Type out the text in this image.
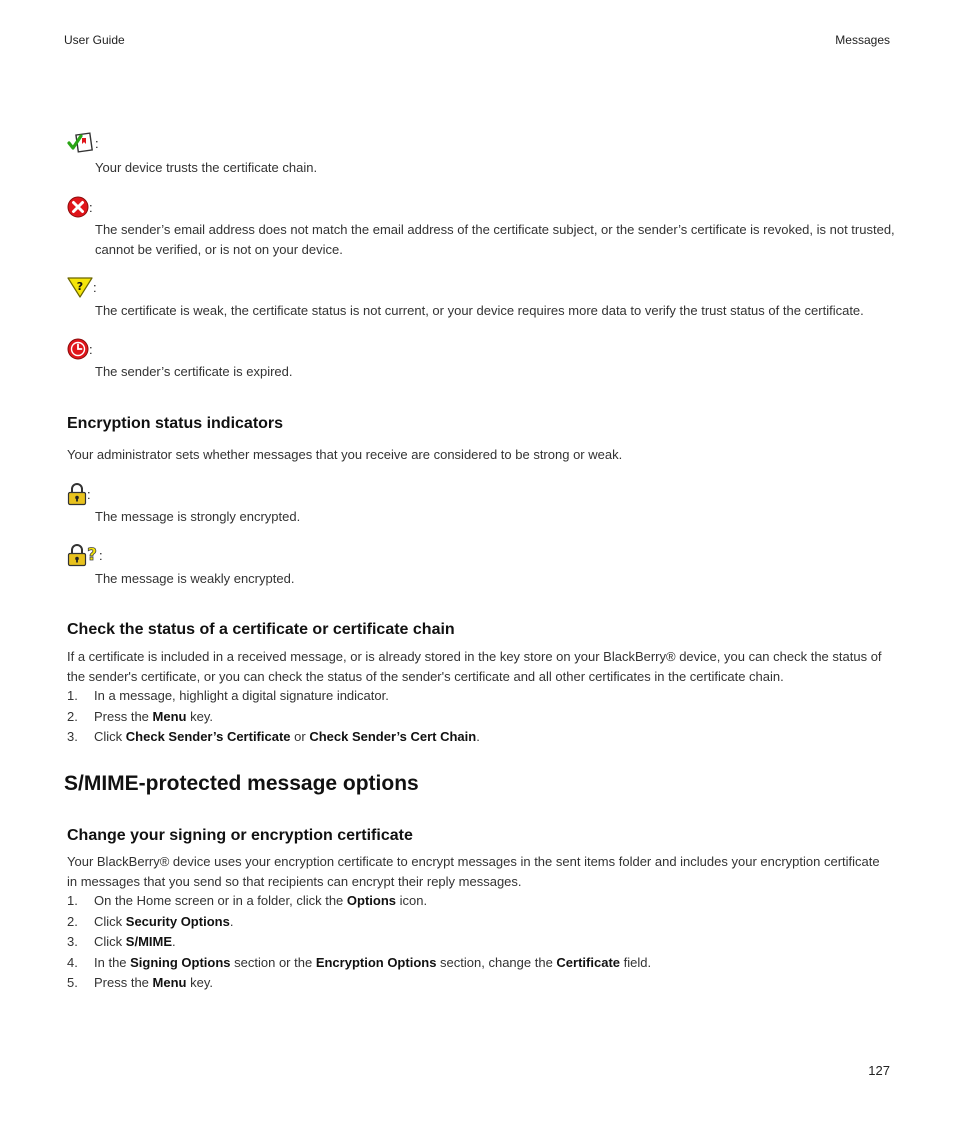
User Guide	Messages
:
Your device trusts the certificate chain.
:
The sender’s email address does not match the email address of the certificate subject, or the sender’s certificate is revoked, is not trusted, cannot be verified, or is not on your device.
? :
The certificate is weak, the certificate status is not current, or your device requires more data to verify the trust status of the certificate.
:
The sender’s certificate is expired.
Encryption status indicators
Your administrator sets whether messages that you receive are considered to be strong or weak.
:
The message is strongly encrypted.
? :
The message is weakly encrypted.
Check the status of a certificate or certificate chain
If a certificate is included in a received message, or is already stored in the key store on your BlackBerry® device, you can check the status of the sender's certificate, or you can check the status of the sender's certificate and all other certificates in the certificate chain.
1. In a message, highlight a digital signature indicator.
2. Press the Menu key.
3. Click Check Sender’s Certificate or Check Sender’s Cert Chain.
S/MIME-protected message options
Change your signing or encryption certificate
Your BlackBerry® device uses your encryption certificate to encrypt messages in the sent items folder and includes your encryption certificate in messages that you send so that recipients can encrypt their reply messages.
1. On the Home screen or in a folder, click the Options icon.
2. Click Security Options.
3. Click S/MIME.
4. In the Signing Options section or the Encryption Options section, change the Certificate field.
5. Press the Menu key.
127
